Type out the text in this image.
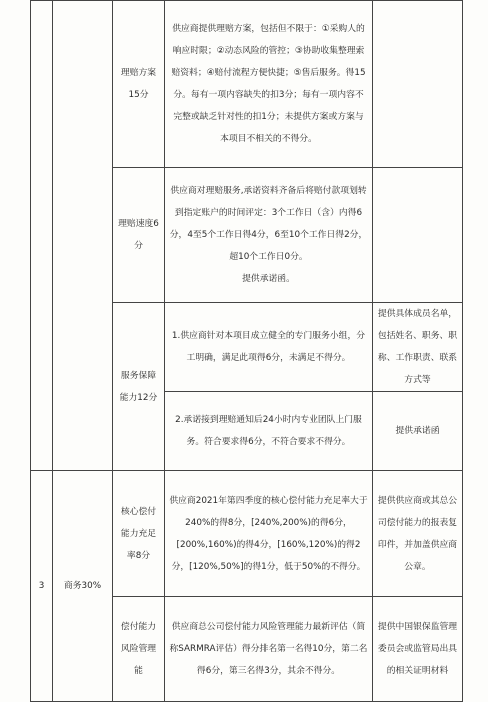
		理赔方案15分	供应商提供理赔方案，包括但不限于：①采购人的响应时限；②动态风险的管控；③协助收集整理索赔资料；④赔付流程方便快捷；⑤售后服务。得15分。每有一项内容缺失的扣3分；每有一项内容不完整或缺乏针对性的扣1分；未提供方案或方案与本项目不相关的不得分。	

		理赔速度6分	供应商对理赔服务,承诺资料齐备后将赔付款项划转到指定账户的时间评定：3个工作日（含）内得6分，4至5个工作日得4分，6至10个工作日得2分，超10个工作日0分。
提供承诺函。	

		服务保障能力12分	1.供应商针对本项目成立健全的专门服务小组，分工明确，满足此项得6分，未满足不得分。	提供具体成员名单，包括姓名、职务、职称、工作职责、联系方式等

			2.承诺接到理赔通知后24小时内专业团队上门服务。符合要求得6分，不符合要求不得分。	提供承诺函

3	商务30%	核心偿付能力充足率8分	供应商2021年第四季度的核心偿付能力充足率大于240%的得8分，[240%,200%)的得6分，[200%,160%)的得4分，[160%,120%)的得2分，[120%,50%]的得1分，低于50%的不得分。	提供供应商或其总公司偿付能力的报表复印件，并加盖供应商公章。

		偿付能力风险管理能	供应商总公司偿付能力风险管理能力最新评估（简称SARMRA评估）得分排名第一名得10分，第二名得6分，第三名得3分，其余不得分。	提供中国银保监管理委员会或监管局出具的相关证明材料
